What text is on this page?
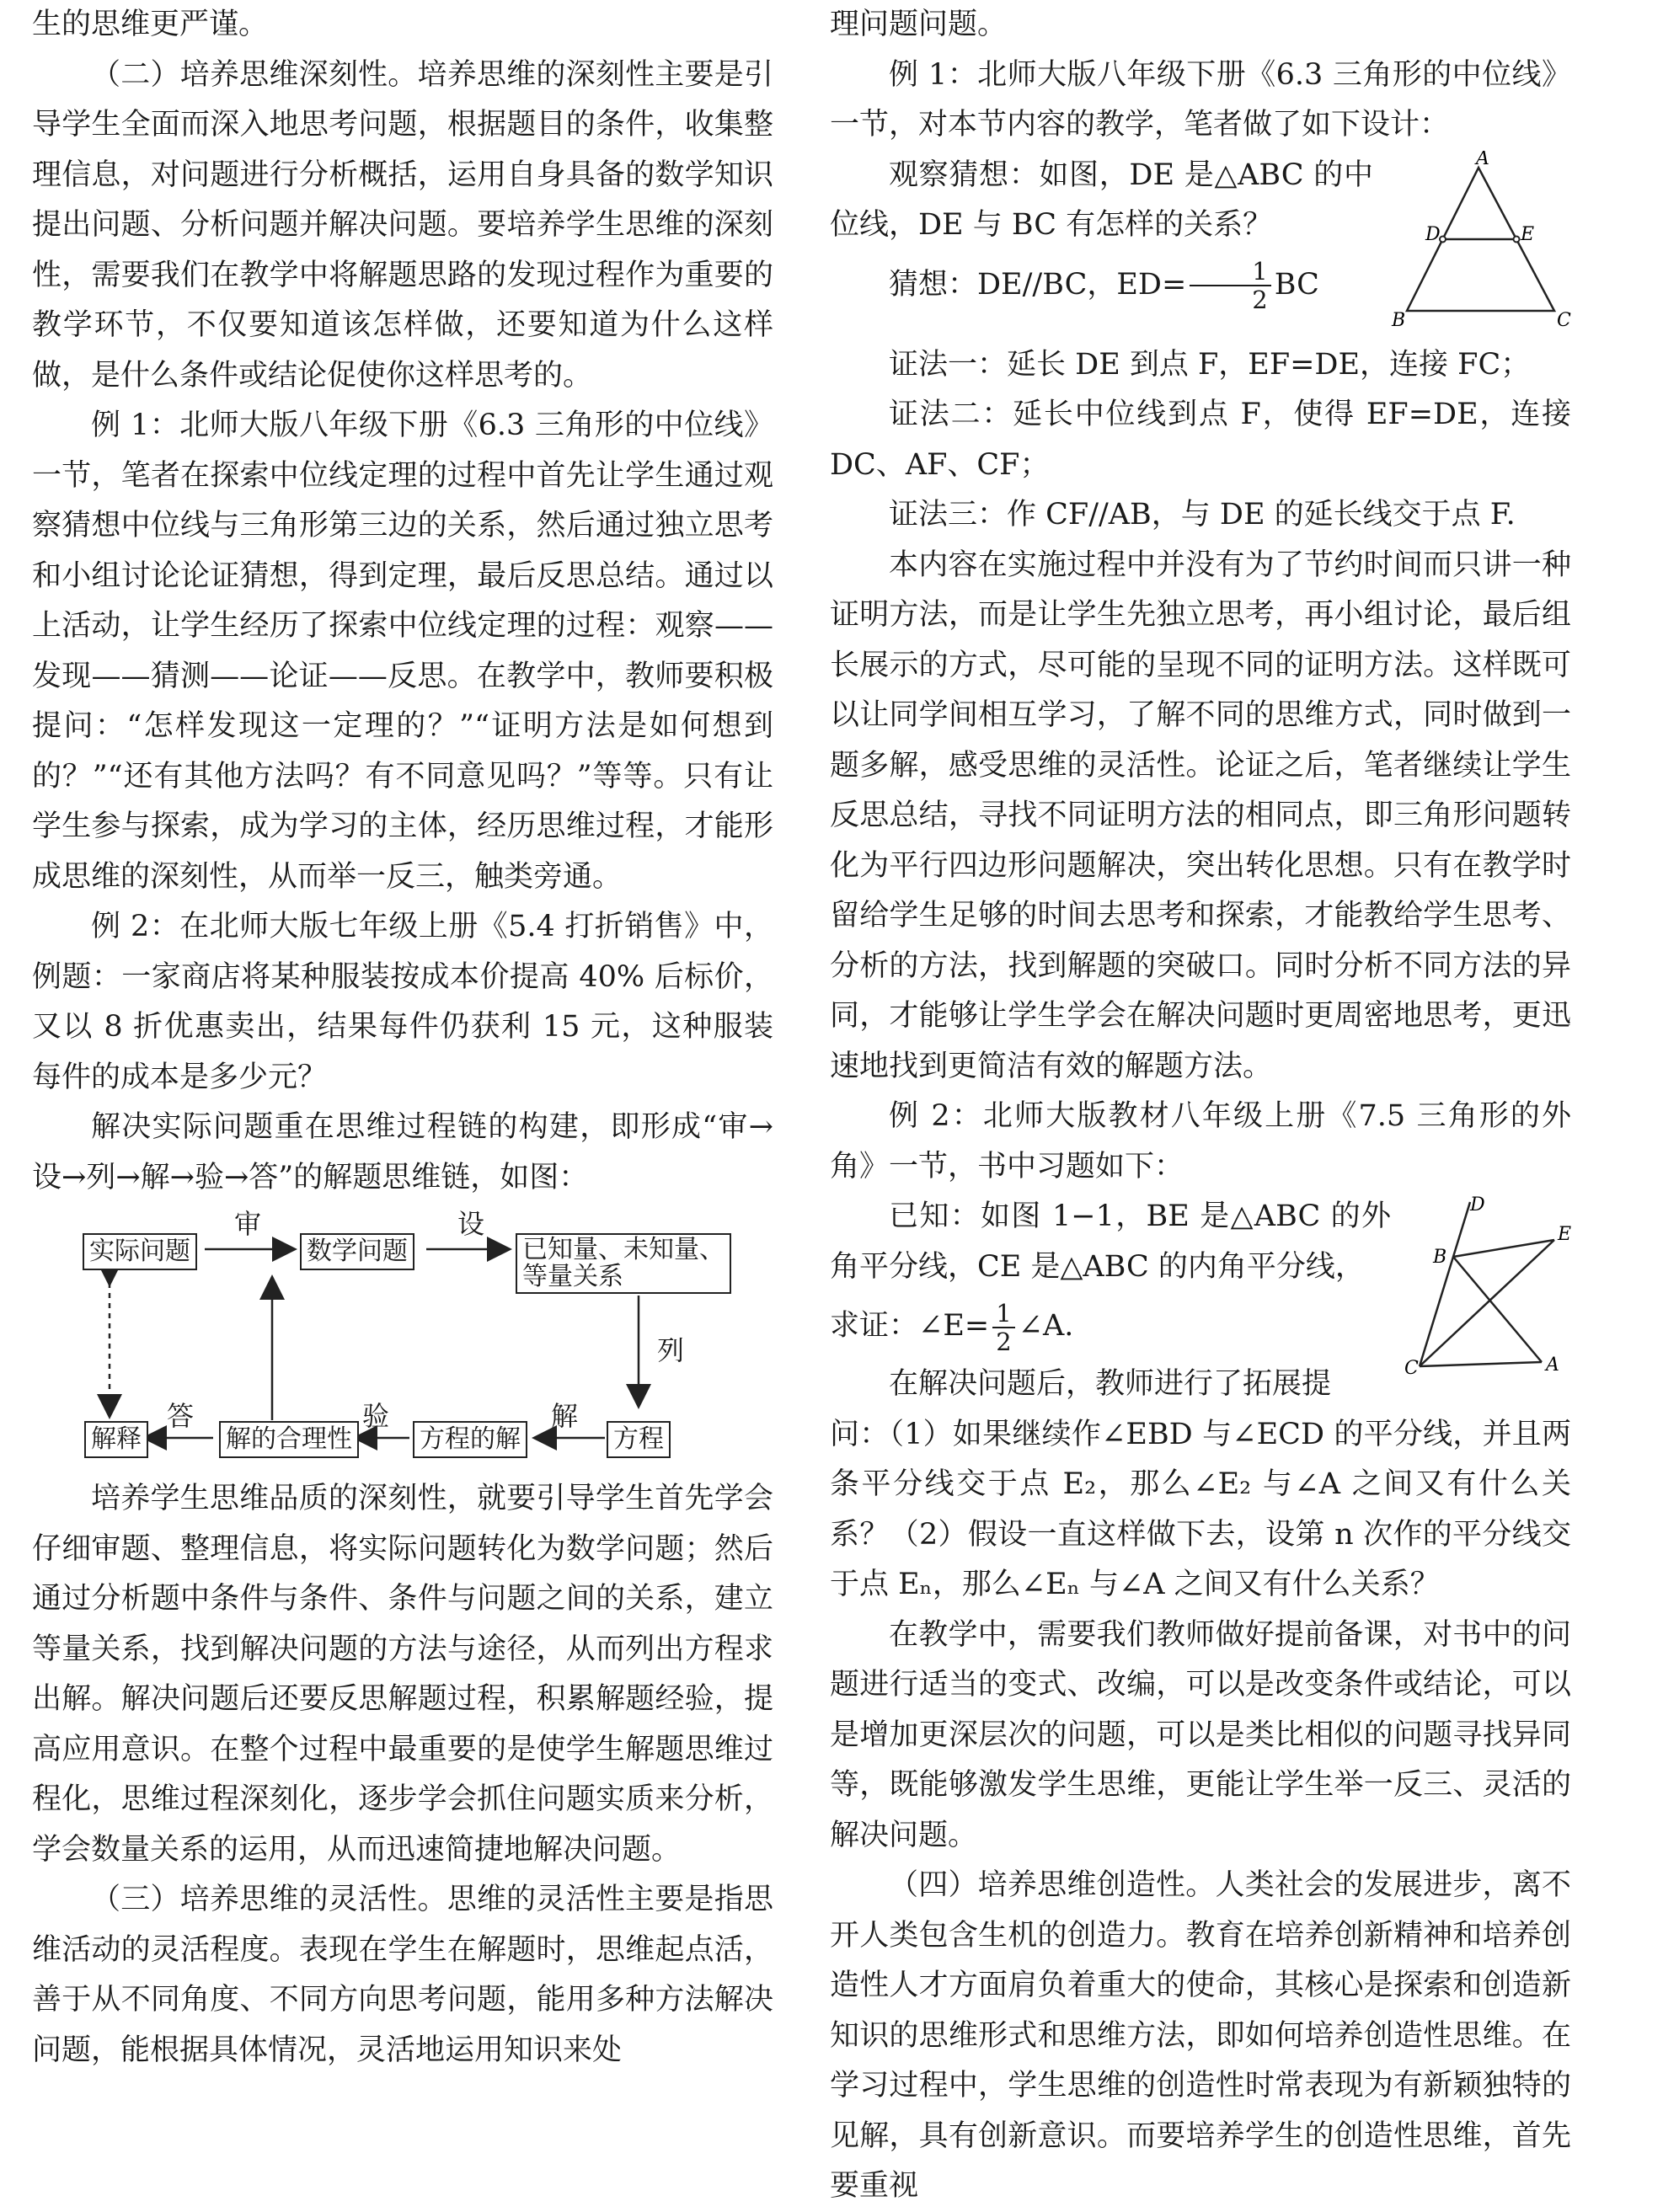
生的思维更严谨。

（二）培养思维深刻性。培养思维的深刻性主要是引导学生全面而深入地思考问题，根据题目的条件，收集整理信息，对问题进行分析概括，运用自身具备的数学知识提出问题、分析问题并解决问题。要培养学生思维的深刻性，需要我们在教学中将解题思路的发现过程作为重要的教学环节，不仅要知道该怎样做，还要知道为什么这样做，是什么条件或结论促使你这样思考的。

例 1：北师大版八年级下册《6.3 三角形的中位线》一节，笔者在探索中位线定理的过程中首先让学生通过观察猜想中位线与三角形第三边的关系，然后通过独立思考和小组讨论论证猜想，得到定理，最后反思总结。通过以上活动，让学生经历了探索中位线定理的过程：观察——发现——猜测——论证——反思。在教学中，教师要积极提问：“怎样发现这一定理的？”“证明方法是如何想到的？”“还有其他方法吗？有不同意见吗？”等等。只有让学生参与探索，成为学习的主体，经历思维过程，才能形成思维的深刻性，从而举一反三，触类旁通。

例 2：在北师大版七年级上册《5.4 打折销售》中，例题：一家商店将某种服装按成本价提高 40% 后标价，又以 8 折优惠卖出，结果每件仍获利 15 元，这种服装每件的成本是多少元？

解决实际问题重在思维过程链的构建，即形成“审→设→列→解→验→答”的解题思维链，如图：

实际问题	数学问题	已知量、未知量、
等量关系
解释	解的合理性	方程的解	方程
审	设
列
解
验
答

培养学生思维品质的深刻性，就要引导学生首先学会仔细审题、整理信息，将实际问题转化为数学问题；然后通过分析题中条件与条件、条件与问题之间的关系，建立等量关系，找到解决问题的方法与途径，从而列出方程求出解。解决问题后还要反思解题过程，积累解题经验，提高应用意识。在整个过程中最重要的是使学生解题思维过程化，思维过程深刻化，逐步学会抓住问题实质来分析，学会数量关系的运用，从而迅速简捷地解决问题。

（三）培养思维的灵活性。思维的灵活性主要是指思维活动的灵活程度。表现在学生在解题时，思维起点活，善于从不同角度、不同方向思考问题，能用多种方法解决问题，能根据具体情况，灵活地运用知识来处

理问题问题。

例 1：北师大版八年级下册《6.3 三角形的中位线》一节，对本节内容的教学，笔者做了如下设计：

A
D	E
B	C

观察猜想：如图，DE 是△ABC 的中位线，DE 与 BC 有怎样的关系？

猜想：DE//BC，$ED= \frac{1}{2}$ BC

证法一：延长 DE 到点 F，EF=DE，连接 FC；

证法二：延长中位线到点 F，使得 EF=DE，连接 DC、AF、CF；

证法三：作 CF//AB，与 DE 的延长线交于点 F.

本内容在实施过程中并没有为了节约时间而只讲一种证明方法，而是让学生先独立思考，再小组讨论，最后组长展示的方式，尽可能的呈现不同的证明方法。这样既可以让同学间相互学习，了解不同的思维方式，同时做到一题多解，感受思维的灵活性。论证之后，笔者继续让学生反思总结，寻找不同证明方法的相同点，即三角形问题转化为平行四边形问题解决，突出转化思想。只有在教学时留给学生足够的时间去思考和探索，才能教给学生思考、分析的方法，找到解题的突破口。同时分析不同方法的异同，才能够让学生学会在解决问题时更周密地思考，更迅速地找到更简洁有效的解题方法。

例 2：北师大版教材八年级上册《7.5 三角形的外角》一节，书中习题如下：

D
B
E
C	A

已知：如图 1−1，BE 是△ABC 的外角平分线，CE 是△ABC 的内角平分线，

求证：∠E= $\frac{1}{2}$ ∠A.

在解决问题后，教师进行了拓展提

问：（1）如果继续作∠EBD 与∠ECD 的平分线，并且两条平分线交于点 E₂，那么∠E₂ 与∠A 之间又有什么关系？（2）假设一直这样做下去，设第 n 次作的平分线交于点 Eₙ，那么∠Eₙ 与∠A 之间又有什么关系？

在教学中，需要我们教师做好提前备课，对书中的问题进行适当的变式、改编，可以是改变条件或结论，可以是增加更深层次的问题，可以是类比相似的问题寻找异同等，既能够激发学生思维，更能让学生举一反三、灵活的解决问题。

（四）培养思维创造性。人类社会的发展进步，离不开人类包含生机的创造力。教育在培养创新精神和培养创造性人才方面肩负着重大的使命，其核心是探索和创造新知识的思维形式和思维方法，即如何培养创造性思维。在学习过程中，学生思维的创造性时常表现为有新颖独特的见解，具有创新意识。而要培养学生的创造性思维，首先要重视
